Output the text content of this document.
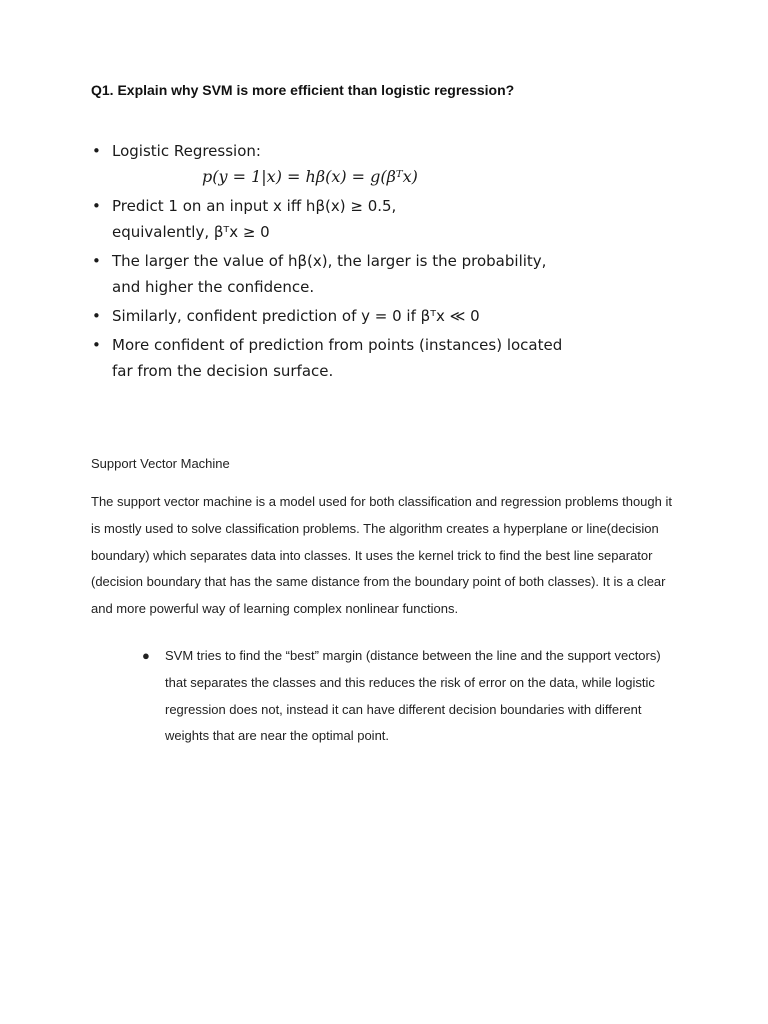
Q1. Explain why SVM is more efficient than logistic regression?

• Logistic Regression:
p(y = 1|x) = hβ(x) = g(βᵀx)
• Predict 1 on an input x iff hβ(x) ≥ 0.5,
equivalently, βᵀx ≥ 0
• The larger the value of hβ(x), the larger is the probability,
and higher the confidence.
• Similarly, confident prediction of y = 0 if βᵀx ≪ 0
• More confident of prediction from points (instances) located
far from the decision surface.

Support Vector Machine

The support vector machine is a model used for both classification and regression problems though it is mostly used to solve classification problems. The algorithm creates a hyperplane or line(decision boundary) which separates data into classes. It uses the kernel trick to find the best line separator (decision boundary that has the same distance from the boundary point of both classes). It is a clear and more powerful way of learning complex nonlinear functions.

● SVM tries to find the “best” margin (distance between the line and the support vectors) that separates the classes and this reduces the risk of error on the data, while logistic regression does not, instead it can have different decision boundaries with different weights that are near the optimal point.
